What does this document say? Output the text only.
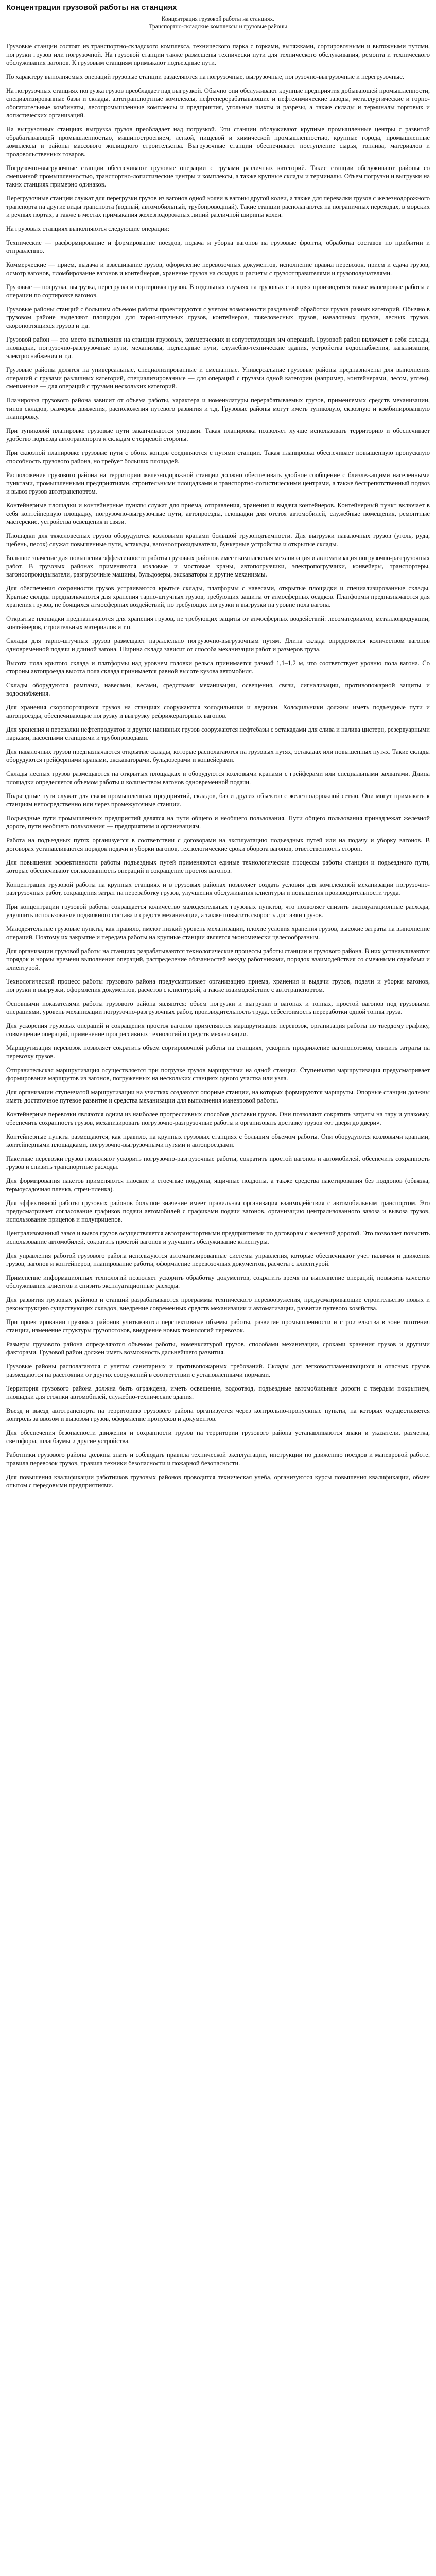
Концентрация грузовой работы на станциях

Концентрация грузовой работы на станциях.

Транспортно-складские комплексы и грузовые районы

Грузовые станции состоят из транспортно-складского комплекса, технического парка с горками, вытяжками, сортировочными и вытяжными путями, погрузки грузов или погрузочной. На грузовой станции также размещены технически пути для технического обслуживания, ремонта и технического обслуживания вагонов. К грузовым станциям примыкают подъездные пути.

По характеру выполняемых операций грузовые станции разделяются на погрузочные, выгрузочные, погрузочно-выгрузочные и перегрузочные.

На погрузочных станциях погрузка грузов преобладает над выгрузкой. Обычно они обслуживают крупные предприятия добывающей промышленности, специализированные базы и склады, автотранспортные комплексы, нефтеперерабатывающие и нефтехимические заводы, металлургические и горно-обогатительные комбинаты, лесопромышленные комплексы и предприятия, угольные шахты и разрезы, а также склады и терминалы торговых и логистических организаций.

На выгрузочных станциях выгрузка грузов преобладает над погрузкой. Эти станции обслуживают крупные промышленные центры с развитой обрабатывающей промышленностью, машиностроением, легкой, пищевой и химической промышленностью, крупные города, промышленные комплексы и районы массового жилищного строительства. Выгрузочные станции обеспечивают поступление сырья, топлива, материалов и продовольственных товаров.

Погрузочно-выгрузочные станции обеспечивают грузовые операции с грузами различных категорий. Такие станции обслуживают районы со смешанной промышленностью, транспортно-логистические центры и комплексы, а также крупные склады и терминалы. Объем погрузки и выгрузки на таких станциях примерно одинаков.

Перегрузочные станции служат для перегрузки грузов из вагонов одной колеи в вагоны другой колеи, а также для перевалки грузов с железнодорожного транспорта на другие виды транспорта (водный, автомобильный, трубопроводный). Такие станции располагаются на пограничных переходах, в морских и речных портах, а также в местах примыкания железнодорожных линий различной ширины колеи.

На грузовых станциях выполняются следующие операции:

Технические — расформирование и формирование поездов, подача и уборка вагонов на грузовые фронты, обработка составов по прибытии и отправлению.

Коммерческие — прием, выдача и взвешивание грузов, оформление перевозочных документов, исполнение правил перевозок, прием и сдача грузов, осмотр вагонов, пломбирование вагонов и контейнеров, хранение грузов на складах и расчеты с грузоотправителями и грузополучателями.

Грузовые — погрузка, выгрузка, перегрузка и сортировка грузов. В отдельных случаях на грузовых станциях производятся также маневровые работы и операции по сортировке вагонов.

Грузовые районы станций с большим объемом работы проектируются с учетом возможности раздельной обработки грузов разных категорий. Обычно в грузовом районе выделяют площадки для тарно-штучных грузов, контейнеров, тяжеловесных грузов, навалочных грузов, лесных грузов, скоропортящихся грузов и т.д.

Грузовой район — это место выполнения на станции грузовых, коммерческих и сопутствующих им операций. Грузовой район включает в себя склады, площадки, погрузочно-разгрузочные пути, механизмы, подъездные пути, служебно-технические здания, устройства водоснабжения, канализации, электроснабжения и т.д.

Грузовые районы делятся на универсальные, специализированные и смешанные. Универсальные грузовые районы предназначены для выполнения операций с грузами различных категорий, специализированные — для операций с грузами одной категории (например, контейнерами, лесом, углем), смешанные — для операций с грузами нескольких категорий.

Планировка грузового района зависит от объема работы, характера и номенклатуры перерабатываемых грузов, применяемых средств механизации, типов складов, размеров движения, расположения путевого развития и т.д. Грузовые районы могут иметь тупиковую, сквозную и комбинированную планировку.

При тупиковой планировке грузовые пути заканчиваются упорами. Такая планировка позволяет лучше использовать территорию и обеспечивает удобство подъезда автотранспорта к складам с торцевой стороны.

При сквозной планировке грузовые пути с обоих концов соединяются с путями станции. Такая планировка обеспечивает повышенную пропускную способность грузового района, но требует больших площадей.

Расположение грузового района на территории железнодорожной станции должно обеспечивать удобное сообщение с близлежащими населенными пунктами, промышленными предприятиями, строительными площадками и транспортно-логистическими центрами, а также беспрепятственный подвоз и вывоз грузов автотранспортом.

Контейнерные площадки и контейнерные пункты служат для приема, отправления, хранения и выдачи контейнеров. Контейнерный пункт включает в себя контейнерную площадку, погрузочно-выгрузочные пути, автопроезды, площадки для отстоя автомобилей, служебные помещения, ремонтные мастерские, устройства освещения и связи.

Площадки для тяжеловесных грузов оборудуются козловыми кранами большой грузоподъемности. Для выгрузки навалочных грузов (уголь, руда, щебень, песок) служат повышенные пути, эстакады, вагоноопрокидыватели, бункерные устройства и открытые склады.

Большое значение для повышения эффективности работы грузовых районов имеет комплексная механизация и автоматизация погрузочно-разгрузочных работ. В грузовых районах применяются козловые и мостовые краны, автопогрузчики, электропогрузчики, конвейеры, транспортеры, вагоноопрокидыватели, разгрузочные машины, бульдозеры, экскаваторы и другие механизмы.

Для обеспечения сохранности грузов устраиваются крытые склады, платформы с навесами, открытые площадки и специализированные склады. Крытые склады предназначаются для хранения тарно-штучных грузов, требующих защиты от атмосферных осадков. Платформы предназначаются для хранения грузов, не боящихся атмосферных воздействий, но требующих погрузки и выгрузки на уровне пола вагона.

Открытые площадки предназначаются для хранения грузов, не требующих защиты от атмосферных воздействий: лесоматериалов, металлопродукции, контейнеров, строительных материалов и т.п.

Склады для тарно-штучных грузов размещают параллельно погрузочно-выгрузочным путям. Длина склада определяется количеством вагонов одновременной подачи и длиной вагона. Ширина склада зависит от способа механизации работ и размеров груза.

Высота пола крытого склада и платформы над уровнем головки рельса принимается равной 1,1–1,2 м, что соответствует уровню пола вагона. Со стороны автопроезда высота пола склада принимается равной высоте кузова автомобиля.

Склады оборудуются рампами, навесами, весами, средствами механизации, освещения, связи, сигнализации, противопожарной защиты и водоснабжения.

Для хранения скоропортящихся грузов на станциях сооружаются холодильники и ледники. Холодильники должны иметь подъездные пути и автопроезды, обеспечивающие погрузку и выгрузку рефрижераторных вагонов.

Для хранения и перевалки нефтепродуктов и других наливных грузов сооружаются нефтебазы с эстакадами для слива и налива цистерн, резервуарными парками, насосными станциями и трубопроводами.

Для навалочных грузов предназначаются открытые склады, которые располагаются на грузовых путях, эстакадах или повышенных путях. Такие склады оборудуются грейферными кранами, экскаваторами, бульдозерами и конвейерами.

Склады лесных грузов размещаются на открытых площадках и оборудуются козловыми кранами с грейферами или специальными захватами. Длина площадки определяется объемом работы и количеством вагонов одновременной подачи.

Подъездные пути служат для связи промышленных предприятий, складов, баз и других объектов с железнодорожной сетью. Они могут примыкать к станциям непосредственно или через промежуточные станции.

Подъездные пути промышленных предприятий делятся на пути общего и необщего пользования. Пути общего пользования принадлежат железной дороге, пути необщего пользования — предприятиям и организациям.

Работа на подъездных путях организуется в соответствии с договорами на эксплуатацию подъездных путей или на подачу и уборку вагонов. В договорах устанавливаются порядок подачи и уборки вагонов, технологические сроки оборота вагонов, ответственность сторон.

Для повышения эффективности работы подъездных путей применяются единые технологические процессы работы станции и подъездного пути, которые обеспечивают согласованность операций и сокращение простоя вагонов.

Концентрация грузовой работы на крупных станциях и в грузовых районах позволяет создать условия для комплексной механизации погрузочно-разгрузочных работ, сокращения затрат на переработку грузов, улучшения обслуживания клиентуры и повышения производительности труда.

При концентрации грузовой работы сокращается количество малодеятельных грузовых пунктов, что позволяет снизить эксплуатационные расходы, улучшить использование подвижного состава и средств механизации, а также повысить скорость доставки грузов.

Малодеятельные грузовые пункты, как правило, имеют низкий уровень механизации, плохие условия хранения грузов, высокие затраты на выполнение операций. Поэтому их закрытие и передача работы на крупные станции является экономически целесообразным.

Для организации грузовой работы на станциях разрабатываются технологические процессы работы станции и грузового района. В них устанавливаются порядок и нормы времени выполнения операций, распределение обязанностей между работниками, порядок взаимодействия со смежными службами и клиентурой.

Технологический процесс работы грузового района предусматривает организацию приема, хранения и выдачи грузов, подачи и уборки вагонов, погрузки и выгрузки, оформления документов, расчетов с клиентурой, а также взаимодействие с автотранспортом.

Основными показателями работы грузового района являются: объем погрузки и выгрузки в вагонах и тоннах, простой вагонов под грузовыми операциями, уровень механизации погрузочно-разгрузочных работ, производительность труда, себестоимость переработки одной тонны груза.

Для ускорения грузовых операций и сокращения простоя вагонов применяются маршрутизация перевозок, организация работы по твердому графику, совмещение операций, применение прогрессивных технологий и средств механизации.

Маршрутизация перевозок позволяет сократить объем сортировочной работы на станциях, ускорить продвижение вагонопотоков, снизить затраты на перевозку грузов.

Отправительская маршрутизация осуществляется при погрузке грузов маршрутами на одной станции. Ступенчатая маршрутизация предусматривает формирование маршрутов из вагонов, погруженных на нескольких станциях одного участка или узла.

Для организации ступенчатой маршрутизации на участках создаются опорные станции, на которых формируются маршруты. Опорные станции должны иметь достаточное путевое развитие и средства механизации для выполнения маневровой работы.

Контейнерные перевозки являются одним из наиболее прогрессивных способов доставки грузов. Они позволяют сократить затраты на тару и упаковку, обеспечить сохранность грузов, механизировать погрузочно-разгрузочные работы и организовать доставку грузов «от двери до двери».

Контейнерные пункты размещаются, как правило, на крупных грузовых станциях с большим объемом работы. Они оборудуются козловыми кранами, контейнерными площадками, погрузочно-выгрузочными путями и автопроездами.

Пакетные перевозки грузов позволяют ускорить погрузочно-разгрузочные работы, сократить простой вагонов и автомобилей, обеспечить сохранность грузов и снизить транспортные расходы.

Для формирования пакетов применяются плоские и стоечные поддоны, ящичные поддоны, а также средства пакетирования без поддонов (обвязка, термоусадочная пленка, стреч-пленка).

Для эффективной работы грузовых районов большое значение имеет правильная организация взаимодействия с автомобильным транспортом. Это предусматривает согласование графиков подачи автомобилей с графиками подачи вагонов, организацию централизованного завоза и вывоза грузов, использование прицепов и полуприцепов.

Централизованный завоз и вывоз грузов осуществляется автотранспортными предприятиями по договорам с железной дорогой. Это позволяет повысить использование автомобилей, сократить простой вагонов и улучшить обслуживание клиентуры.

Для управления работой грузового района используются автоматизированные системы управления, которые обеспечивают учет наличия и движения грузов, вагонов и контейнеров, планирование работы, оформление перевозочных документов, расчеты с клиентурой.

Применение информационных технологий позволяет ускорить обработку документов, сократить время на выполнение операций, повысить качество обслуживания клиентов и снизить эксплуатационные расходы.

Для развития грузовых районов и станций разрабатываются программы технического перевооружения, предусматривающие строительство новых и реконструкцию существующих складов, внедрение современных средств механизации и автоматизации, развитие путевого хозяйства.

При проектировании грузовых районов учитываются перспективные объемы работы, развитие промышленности и строительства в зоне тяготения станции, изменение структуры грузопотоков, внедрение новых технологий перевозок.

Размеры грузового района определяются объемом работы, номенклатурой грузов, способами механизации, сроками хранения грузов и другими факторами. Грузовой район должен иметь возможность дальнейшего развития.

Грузовые районы располагаются с учетом санитарных и противопожарных требований. Склады для легковоспламеняющихся и опасных грузов размещаются на расстоянии от других сооружений в соответствии с установленными нормами.

Территория грузового района должна быть ограждена, иметь освещение, водоотвод, подъездные автомобильные дороги с твердым покрытием, площадки для стоянки автомобилей, служебно-технические здания.

Въезд и выезд автотранспорта на территорию грузового района организуется через контрольно-пропускные пункты, на которых осуществляется контроль за ввозом и вывозом грузов, оформление пропусков и документов.

Для обеспечения безопасности движения и сохранности грузов на территории грузового района устанавливаются знаки и указатели, разметка, светофоры, шлагбаумы и другие устройства.

Работники грузового района должны знать и соблюдать правила технической эксплуатации, инструкции по движению поездов и маневровой работе, правила перевозок грузов, правила техники безопасности и пожарной безопасности.

Для повышения квалификации работников грузовых районов проводится техническая учеба, организуются курсы повышения квалификации, обмен опытом с передовыми предприятиями.
